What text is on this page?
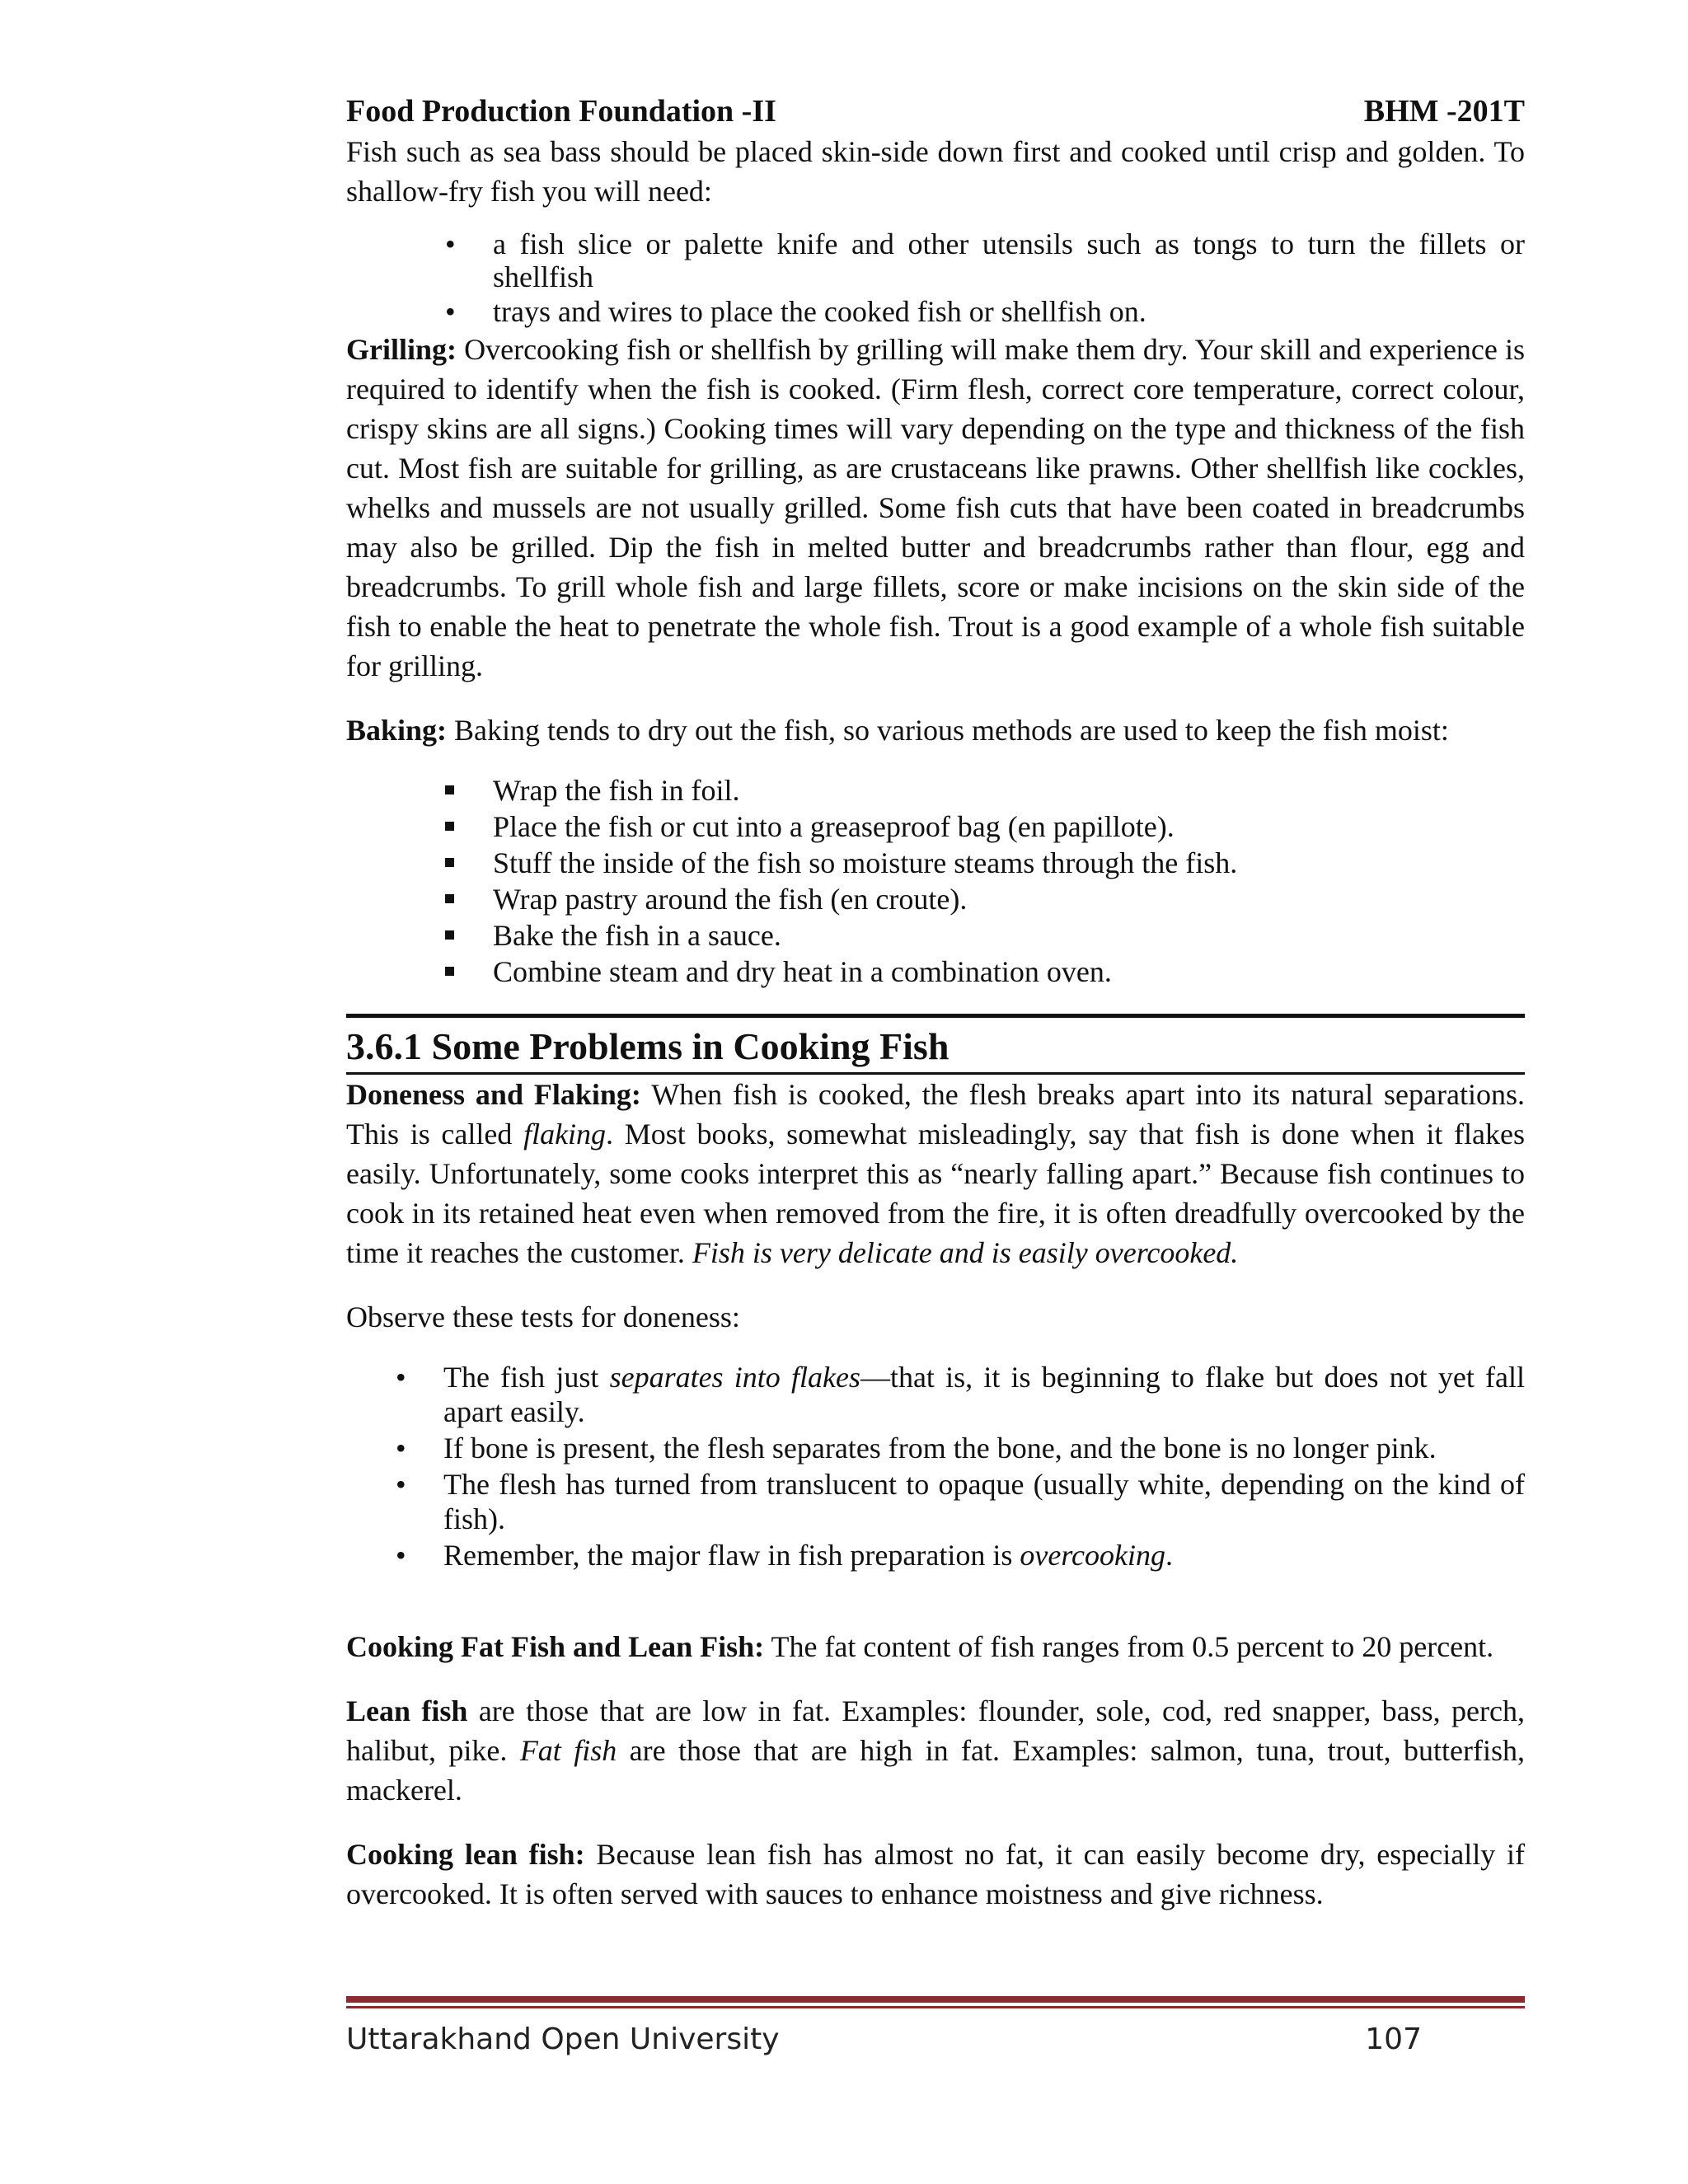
Food Production Foundation -II	BHM -201T

Fish such as sea bass should be placed skin-side down first and cooked until crisp and golden. To shallow-fry fish you will need:

• a fish slice or palette knife and other utensils such as tongs to turn the fillets or shellfish
• trays and wires to place the cooked fish or shellfish on.

Grilling: Overcooking fish or shellfish by grilling will make them dry. Your skill and experience is required to identify when the fish is cooked. (Firm flesh, correct core temperature, correct colour, crispy skins are all signs.) Cooking times will vary depending on the type and thickness of the fish cut. Most fish are suitable for grilling, as are crustaceans like prawns. Other shellfish like cockles, whelks and mussels are not usually grilled. Some fish cuts that have been coated in breadcrumbs may also be grilled. Dip the fish in melted butter and breadcrumbs rather than flour, egg and breadcrumbs. To grill whole fish and large fillets, score or make incisions on the skin side of the fish to enable the heat to penetrate the whole fish. Trout is a good example of a whole fish suitable for grilling.

Baking: Baking tends to dry out the fish, so various methods are used to keep the fish moist:

Wrap the fish in foil.
Place the fish or cut into a greaseproof bag (en papillote).
Stuff the inside of the fish so moisture steams through the fish.
Wrap pastry around the fish (en croute).
Bake the fish in a sauce.
Combine steam and dry heat in a combination oven.
3.6.1 Some Problems in Cooking Fish

Doneness and Flaking: When fish is cooked, the flesh breaks apart into its natural separations. This is called flaking. Most books, somewhat misleadingly, say that fish is done when it flakes easily. Unfortunately, some cooks interpret this as “nearly falling apart.” Because fish continues to cook in its retained heat even when removed from the fire, it is often dreadfully overcooked by the time it reaches the customer. Fish is very delicate and is easily overcooked.

Observe these tests for doneness:

• The fish just separates into flakes—that is, it is beginning to flake but does not yet fall apart easily.
• If bone is present, the flesh separates from the bone, and the bone is no longer pink.
• The flesh has turned from translucent to opaque (usually white, depending on the kind of fish).
• Remember, the major flaw in fish preparation is overcooking.

Cooking Fat Fish and Lean Fish: The fat content of fish ranges from 0.5 percent to 20 percent.

Lean fish are those that are low in fat. Examples: flounder, sole, cod, red snapper, bass, perch, halibut, pike. Fat fish are those that are high in fat. Examples: salmon, tuna, trout, butterfish, mackerel.

Cooking lean fish: Because lean fish has almost no fat, it can easily become dry, especially if overcooked. It is often served with sauces to enhance moistness and give richness.

Uttarakhand Open University	107
